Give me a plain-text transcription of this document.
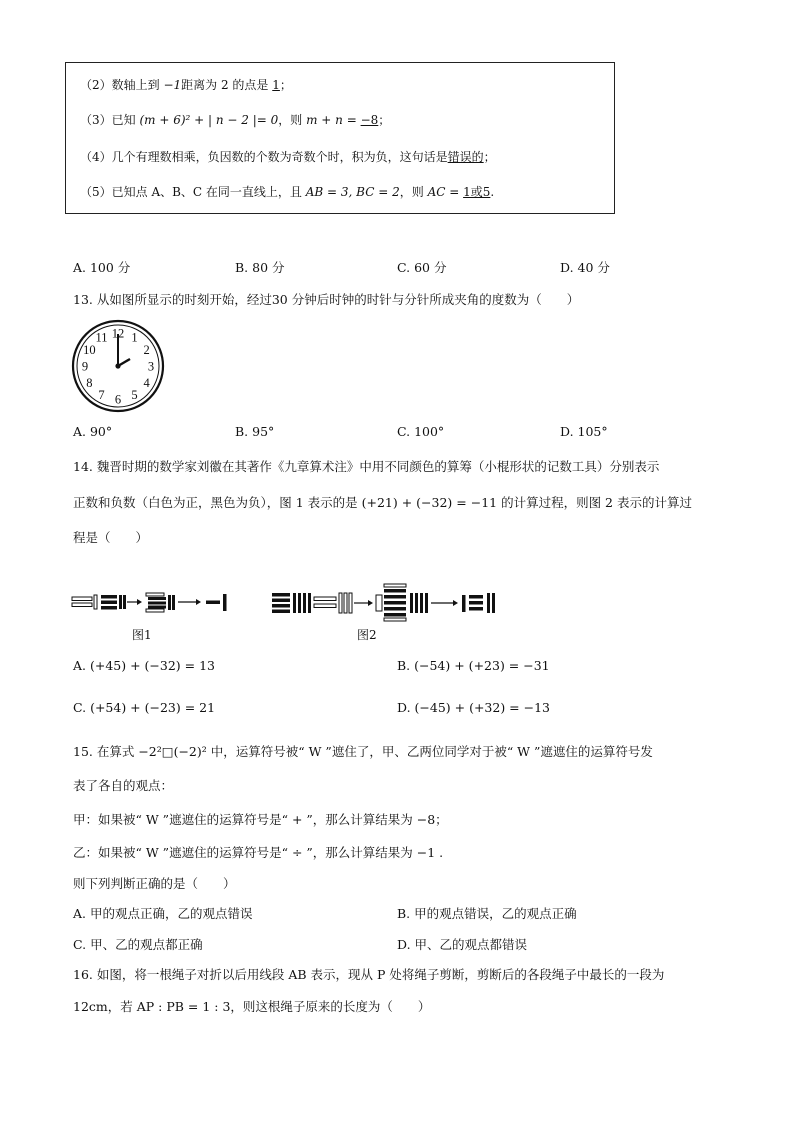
（2）数轴上到 −1距离为 2 的点是 1；
（3）已知 (m + 6)² + | n − 2 |= 0，则 m + n = −8；
（4）几个有理数相乘，负因数的个数为奇数个时，积为负，这句话是错误的；
（5）已知点 A、B、C 在同一直线上，且 AB = 3, BC = 2，则 AC = 1或5.
A. 100 分	B. 80 分	C. 60 分	D. 40 分
13. 从如图所显示的时刻开始，经过30 分钟后时钟的时针与分针所成夹角的度数为（　　）
12 1
2
3
4
5
6
7
8
9
10
11
A. 90°	B. 95°	C. 100°	D. 105°
14. 魏晋时期的数学家刘徽在其著作《九章算术注》中用不同颜色的算筹（小棍形状的记数工具）分别表示
正数和负数（白色为正，黑色为负），图 1 表示的是 (+21) + (−32) = −11 的计算过程，则图 2 表示的计算过
程是（　　）
图1	图2
A. (+45) + (−32) = 13	B. (−54) + (+23) = −31
C. (+54) + (−23) = 21	D. (−45) + (+32) = −13
15. 在算式 −2²□(−2)² 中，运算符号被“ W ”遮住了，甲、乙两位同学对于被“ W ”遮遮住的运算符号发
表了各自的观点：
甲：如果被“ W ”遮遮住的运算符号是“ + ”，那么计算结果为 −8；
乙：如果被“ W ”遮遮住的运算符号是“ ÷ ”，那么计算结果为 −1 .
则下列判断正确的是（　　）
A. 甲的观点正确，乙的观点错误	B. 甲的观点错误，乙的观点正确
C. 甲、乙的观点都正确	D. 甲、乙的观点都错误
16. 如图，将一根绳子对折以后用线段 AB 表示，现从 P 处将绳子剪断，剪断后的各段绳子中最长的一段为
12cm，若 AP : PB = 1 : 3，则这根绳子原来的长度为（　　）
